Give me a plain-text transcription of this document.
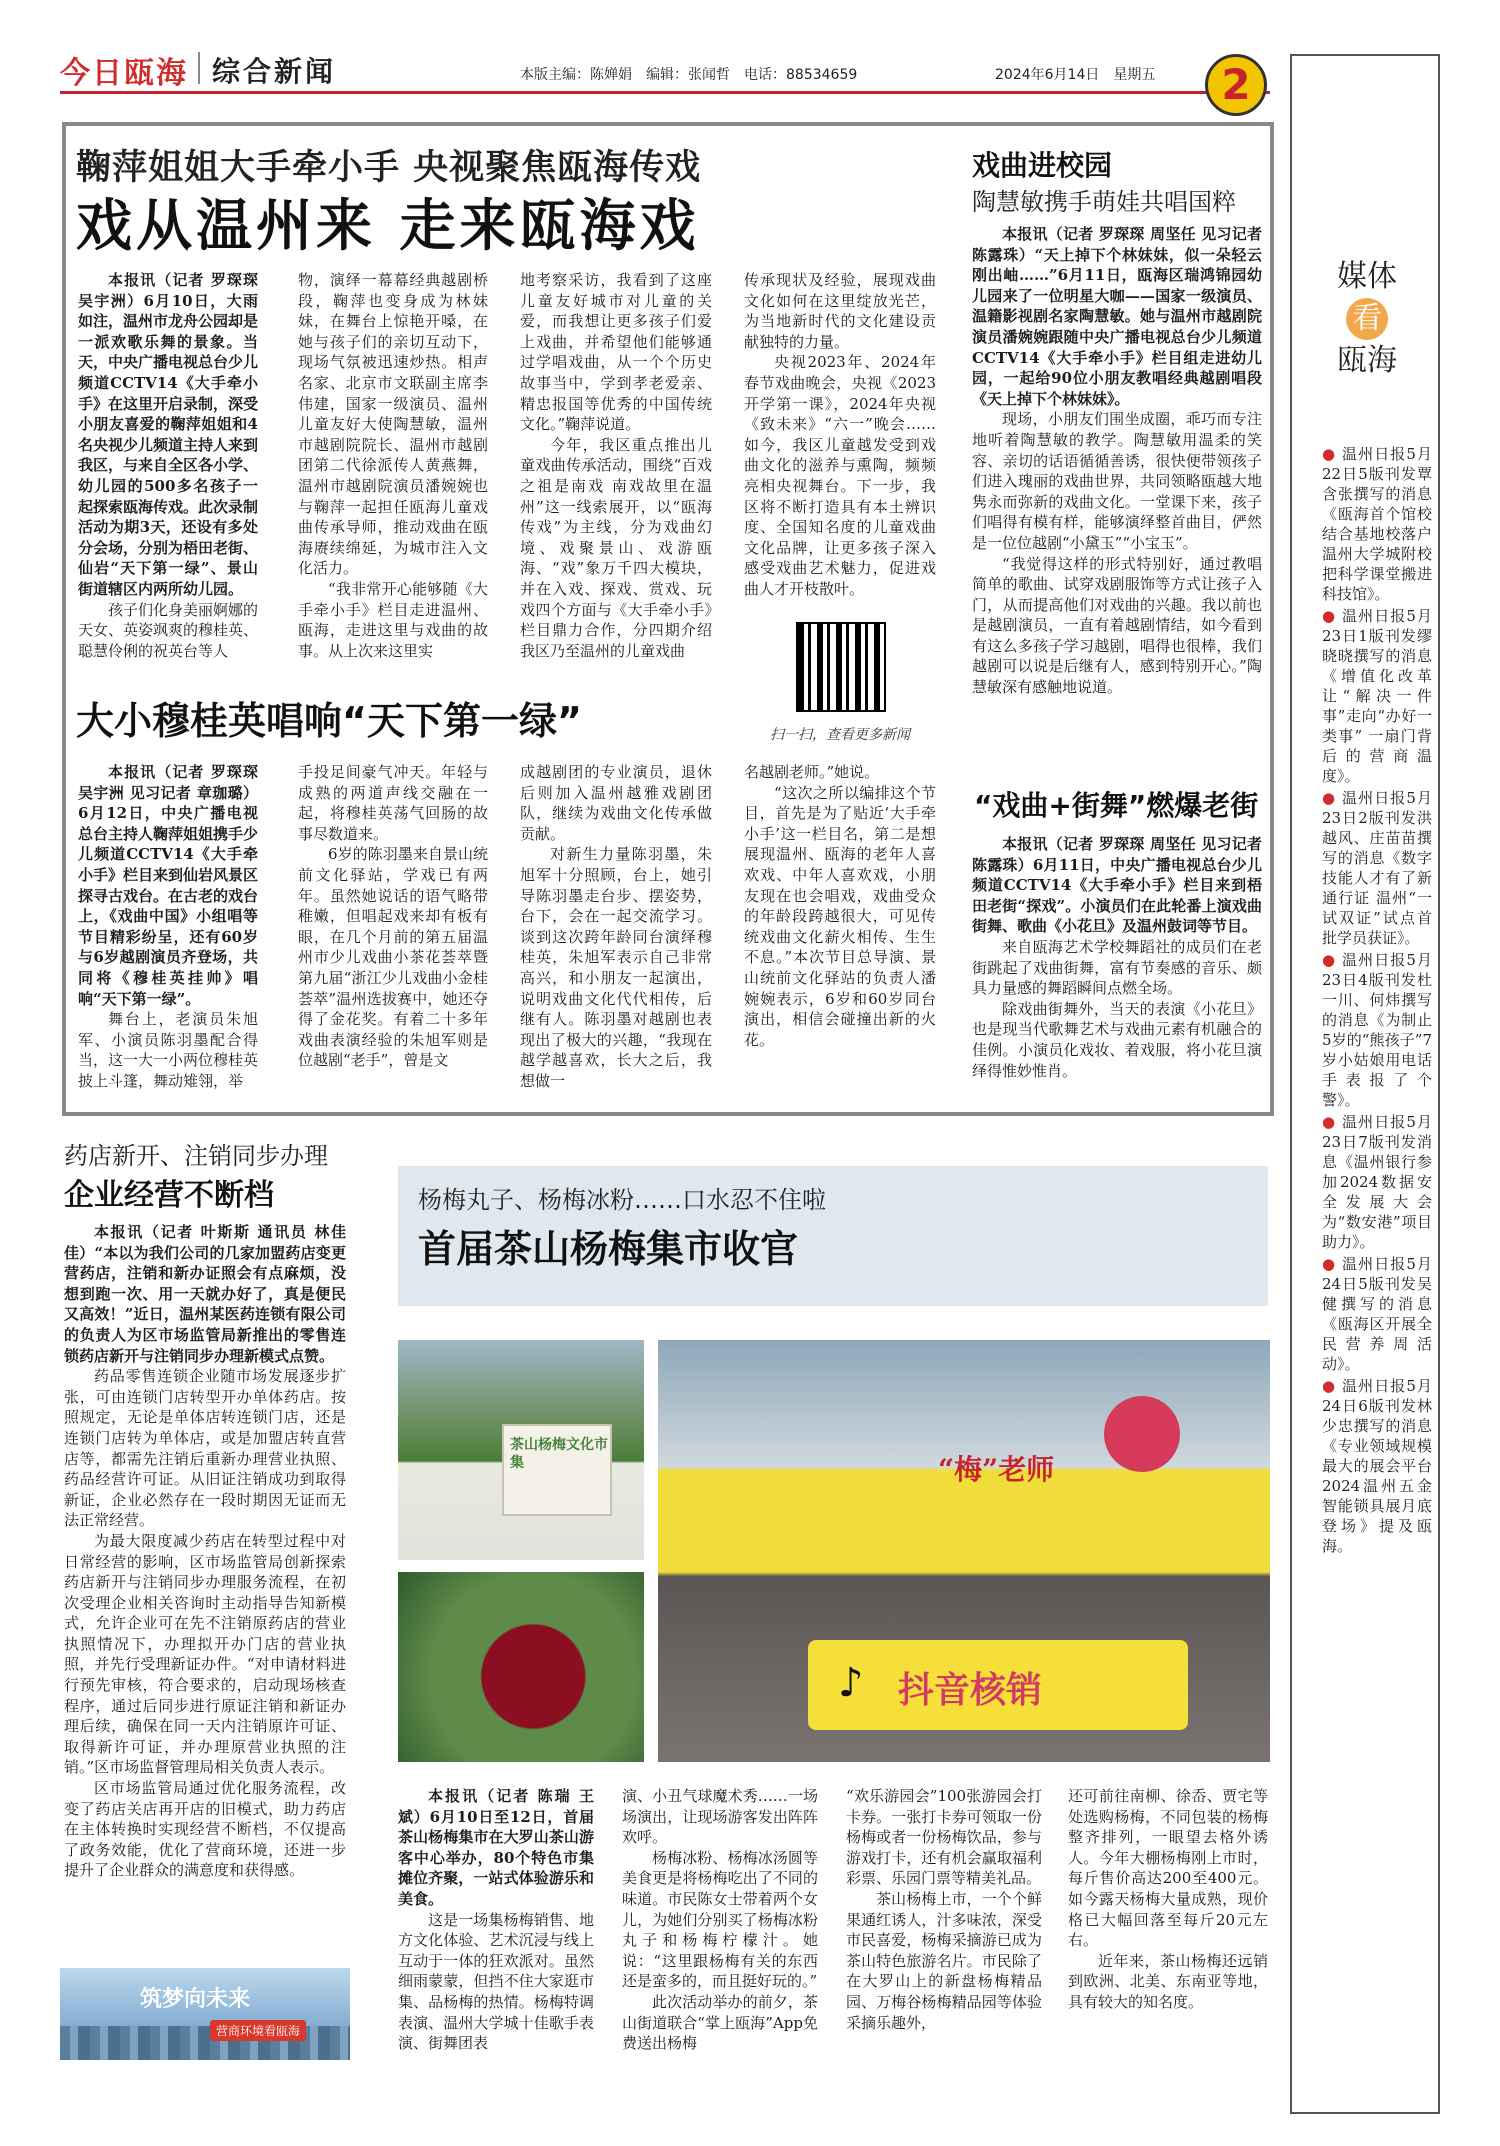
今日瓯海 综合新闻	本版主编：陈婵娟　编辑：张闻哲　电话：88534659	2024年6月14日　星期五	2
鞠萍姐姐大手牵小手 央视聚焦瓯海传戏
戏从温州来 走来瓯海戏

本报讯（记者 罗琛琛 吴宇洲）6月10日，大雨如注，温州市龙舟公园却是一派欢歌乐舞的景象。当天，中央广播电视总台少儿频道CCTV14《大手牵小手》在这里开启录制，深受小朋友喜爱的鞠萍姐姐和4名央视少儿频道主持人来到我区，与来自全区各小学、幼儿园的500多名孩子一起探索瓯海传戏。此次录制活动为期3天，还设有多处分会场，分别为梧田老街、仙岩“天下第一绿”、景山街道辖区内两所幼儿园。

孩子们化身美丽婀娜的天女、英姿飒爽的穆桂英、聪慧伶俐的祝英台等人

物，演绎一幕幕经典越剧桥段，鞠萍也变身成为林妹妹，在舞台上惊艳开嗓，在她与孩子们的亲切互动下，现场气氛被迅速炒热。相声名家、北京市文联副主席李伟建，国家一级演员、温州儿童友好大使陶慧敏，温州市越剧院院长、温州市越剧团第二代徐派传人黄燕舞，温州市越剧院演员潘婉婉也与鞠萍一起担任瓯海儿童戏曲传承导师，推动戏曲在瓯海赓续绵延，为城市注入文化活力。

“我非常开心能够随《大手牵小手》栏目走进温州、瓯海，走进这里与戏曲的故事。从上次来这里实

地考察采访，我看到了这座儿童友好城市对儿童的关爱，而我想让更多孩子们爱上戏曲，并希望他们能够通过学唱戏曲，从一个个历史故事当中，学到孝老爱亲、精忠报国等优秀的中国传统文化。”鞠萍说道。

今年，我区重点推出儿童戏曲传承活动，围绕“百戏之祖是南戏 南戏故里在温州”这一线索展开，以“瓯海传戏”为主线，分为戏曲幻境、戏聚景山、戏游瓯海、“戏”象万千四大模块，并在入戏、探戏、赏戏、玩戏四个方面与《大手牵小手》栏目鼎力合作，分四期介绍我区乃至温州的儿童戏曲

传承现状及经验，展现戏曲文化如何在这里绽放光芒，为当地新时代的文化建设贡献独特的力量。

央视2023年、2024年春节戏曲晚会，央视《2023开学第一课》，2024年央视《致未来》“六一”晚会……如今，我区儿童越发受到戏曲文化的滋养与熏陶，频频亮相央视舞台。下一步，我区将不断打造具有本土辨识度、全国知名度的儿童戏曲文化品牌，让更多孩子深入感受戏曲艺术魅力，促进戏曲人才开枝散叶。

扫一扫，查看更多新闻
戏曲进校园
陶慧敏携手萌娃共唱国粹

本报讯（记者 罗琛琛 周坚任 见习记者 陈露珠）“天上掉下个林妹妹，似一朵轻云刚出岫……”6月11日，瓯海区瑞鸿锦园幼儿园来了一位明星大咖——国家一级演员、温籍影视剧名家陶慧敏。她与温州市越剧院演员潘婉婉跟随中央广播电视总台少儿频道CCTV14《大手牵小手》栏目组走进幼儿园，一起给90位小朋友教唱经典越剧唱段《天上掉下个林妹妹》。

现场，小朋友们围坐成圈，乖巧而专注地听着陶慧敏的教学。陶慧敏用温柔的笑容、亲切的话语循循善诱，很快便带领孩子们进入瑰丽的戏曲世界，共同领略瓯越大地隽永而弥新的戏曲文化。一堂课下来，孩子们唱得有模有样，能够演绎整首曲目，俨然是一位位越剧“小黛玉”“小宝玉”。

“我觉得这样的形式特别好，通过教唱简单的歌曲、试穿戏剧服饰等方式让孩子入门，从而提高他们对戏曲的兴趣。我以前也是越剧演员，一直有着越剧情结，如今看到有这么多孩子学习越剧，唱得也很棒，我们越剧可以说是后继有人，感到特别开心。”陶慧敏深有感触地说道。

大小穆桂英唱响“天下第一绿”

本报讯（记者 罗琛琛 吴宇洲 见习记者 章珈璐）6月12日，中央广播电视总台主持人鞠萍姐姐携手少儿频道CCTV14《大手牵小手》栏目来到仙岩风景区探寻古戏台。在古老的戏台上，《戏曲中国》小组唱等节目精彩纷呈，还有60岁与6岁越剧演员齐登场，共同将《穆桂英挂帅》唱响“天下第一绿”。

舞台上，老演员朱旭军、小演员陈羽墨配合得当，这一大一小两位穆桂英披上斗篷，舞动雉翎，举

手投足间豪气冲天。年轻与成熟的两道声线交融在一起，将穆桂英荡气回肠的故事尽数道来。

6岁的陈羽墨来自景山统前文化驿站，学戏已有两年。虽然她说话的语气略带稚嫩，但唱起戏来却有板有眼，在几个月前的第五届温州市少儿戏曲小茶花荟萃暨第九届“浙江少儿戏曲小金桂荟萃”温州选拔赛中，她还夺得了金花奖。有着二十多年戏曲表演经验的朱旭军则是位越剧“老手”，曾是文

成越剧团的专业演员，退休后则加入温州越雅戏剧团队，继续为戏曲文化传承做贡献。

对新生力量陈羽墨，朱旭军十分照顾，台上，她引导陈羽墨走台步、摆姿势，台下，会在一起交流学习。谈到这次跨年龄同台演绎穆桂英，朱旭军表示自己非常高兴，和小朋友一起演出，说明戏曲文化代代相传，后继有人。陈羽墨对越剧也表现出了极大的兴趣，“我现在越学越喜欢，长大之后，我想做一

名越剧老师。”她说。

“这次之所以编排这个节目，首先是为了贴近‘大手牵小手’这一栏目名，第二是想展现温州、瓯海的老年人喜欢戏、中年人喜欢戏，小朋友现在也会唱戏，戏曲受众的年龄段跨越很大，可见传统戏曲文化薪火相传、生生不息。”本次节目总导演、景山统前文化驿站的负责人潘婉婉表示，6岁和60岁同台演出，相信会碰撞出新的火花。

“戏曲+街舞”燃爆老街

本报讯（记者 罗琛琛 周坚任 见习记者 陈露珠）6月11日，中央广播电视总台少儿频道CCTV14《大手牵小手》栏目来到梧田老街“探戏”。小演员们在此轮番上演戏曲街舞、歌曲《小花旦》及温州鼓词等节目。

来自瓯海艺术学校舞蹈社的成员们在老街跳起了戏曲街舞，富有节奏感的音乐、颇具力量感的舞蹈瞬间点燃全场。

除戏曲街舞外，当天的表演《小花旦》也是现当代歌舞艺术与戏曲元素有机融合的佳例。小演员化戏妆、着戏服，将小花旦演绎得惟妙惟肖。

药店新开、注销同步办理
企业经营不断档

本报讯（记者 叶斯斯 通讯员 林佳佳）“本以为我们公司的几家加盟药店变更营药店，注销和新办证照会有点麻烦，没想到跑一次、用一天就办好了，真是便民又高效！”近日，温州某医药连锁有限公司的负责人为区市场监管局新推出的零售连锁药店新开与注销同步办理新模式点赞。

药品零售连锁企业随市场发展逐步扩张，可由连锁门店转型开办单体药店。按照规定，无论是单体店转连锁门店，还是连锁门店转为单体店，或是加盟店转直营店等，都需先注销后重新办理营业执照、药品经营许可证。从旧证注销成功到取得新证，企业必然存在一段时期因无证而无法正常经营。

为最大限度减少药店在转型过程中对日常经营的影响，区市场监管局创新探索药店新开与注销同步办理服务流程，在初次受理企业相关咨询时主动指导告知新模式，允许企业可在先不注销原药店的营业执照情况下，办理拟开办门店的营业执照，并先行受理新证办件。“对申请材料进行预先审核，符合要求的，启动现场核查程序，通过后同步进行原证注销和新证办理后续，确保在同一天内注销原许可证、取得新许可证，并办理原营业执照的注销。”区市场监督管理局相关负责人表示。

区市场监管局通过优化服务流程，改变了药店关店再开店的旧模式，助力药店在主体转换时实现经营不断档，不仅提高了政务效能，优化了营商环境，还进一步提升了企业群众的满意度和获得感。

筑梦向未来
营商环境看瓯海
杨梅丸子、杨梅冰粉……口水忍不住啦
首届茶山杨梅集市收官
茶山杨梅文化市集	“梅”老师
♪ 抖音核销

本报讯（记者 陈瑞 王斌）6月10日至12日，首届茶山杨梅集市在大罗山茶山游客中心举办，80个特色市集摊位齐聚，一站式体验游乐和美食。

这是一场集杨梅销售、地方文化体验、艺术沉浸与线上互动于一体的狂欢派对。虽然细雨蒙蒙，但挡不住大家逛市集、品杨梅的热情。杨梅特调表演、温州大学城十佳歌手表演、街舞团表

演、小丑气球魔术秀……一场场演出，让现场游客发出阵阵欢呼。

杨梅冰粉、杨梅冰汤圆等美食更是将杨梅吃出了不同的味道。市民陈女士带着两个女儿，为她们分别买了杨梅冰粉丸子和杨梅柠檬汁。她说：“这里跟杨梅有关的东西还是蛮多的，而且挺好玩的。”

此次活动举办的前夕，茶山街道联合“掌上瓯海”App免费送出杨梅

“欢乐游园会”100张游园会打卡券。一张打卡券可领取一份杨梅或者一份杨梅饮品，参与游戏打卡，还有机会赢取福利彩票、乐园门票等精美礼品。

茶山杨梅上市，一个个鲜果通红诱人，汁多味浓，深受市民喜爱，杨梅采摘游已成为茶山特色旅游名片。市民除了在大罗山上的新盘杨梅精品园、万梅谷杨梅精品园等体验采摘乐趣外，

还可前往南柳、徐岙、贾宅等处选购杨梅，不同包装的杨梅整齐排列，一眼望去格外诱人。今年大棚杨梅刚上市时，每斤售价高达200至400元。如今露天杨梅大量成熟，现价格已大幅回落至每斤20元左右。

近年来，茶山杨梅还远销到欧洲、北美、东南亚等地，具有较大的知名度。

媒体
看
瓯海
● 温州日报5月22日5版刊发覃含张撰写的消息《瓯海首个馆校结合基地校落户温州大学城附校 把科学课堂搬进科技馆》。
● 温州日报5月23日1版刊发缪晓晓撰写的消息《增值化改革让“解决一件事”走向“办好一类事” 一扇门背后的营商温度》。
● 温州日报5月23日2版刊发洪越风、庄苗苗撰写的消息《数字技能人才有了新通行证 温州“一试双证”试点首批学员获证》。
● 温州日报5月23日4版刊发杜一川、何炜撰写的消息《为制止5岁的“熊孩子”7岁小姑娘用电话手表报了个警》。
● 温州日报5月23日7版刊发消息《温州银行参加2024数据安全发展大会 为“数安港”项目助力》。
● 温州日报5月24日5版刊发吴健撰写的消息《瓯海区开展全民营养周活动》。
● 温州日报5月24日6版刊发林少忠撰写的消息《专业领域规模最大的展会平台 2024温州五金智能锁具展月底登场》提及瓯海。
